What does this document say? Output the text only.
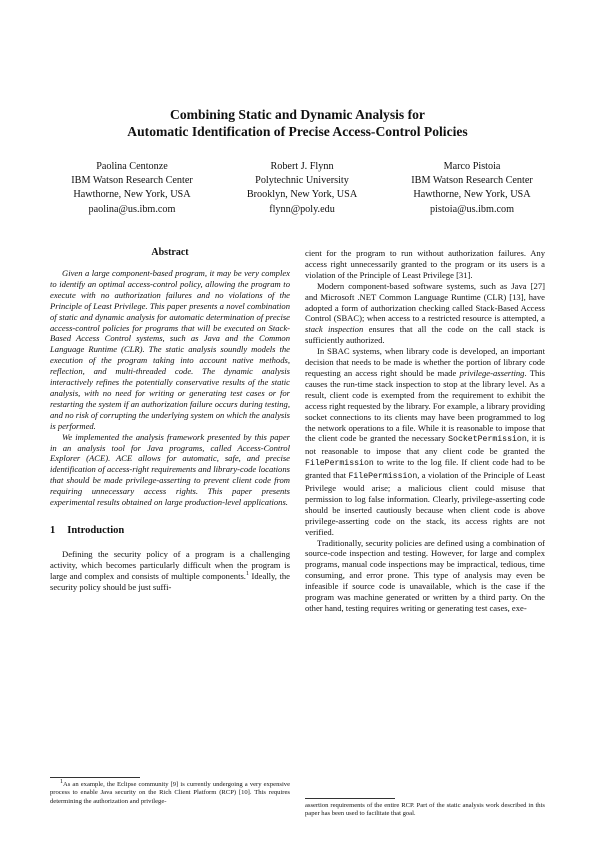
Combining Static and Dynamic Analysis for
Automatic Identification of Precise Access-Control Policies
Paolina Centonze
IBM Watson Research Center
Hawthorne, New York, USA
paolina@us.ibm.com
Robert J. Flynn
Polytechnic University
Brooklyn, New York, USA
flynn@poly.edu
Marco Pistoia
IBM Watson Research Center
Hawthorne, New York, USA
pistoia@us.ibm.com
Abstract

Given a large component-based program, it may be very complex to identify an optimal access-control policy, allowing the program to execute with no authorization failures and no violations of the Principle of Least Privilege. This paper presents a novel combination of static and dynamic analysis for automatic determination of precise access-control policies for programs that will be executed on Stack-Based Access Control systems, such as Java and the Common Language Runtime (CLR). The static analysis soundly models the execution of the program taking into account native methods, reflection, and multi-threaded code. The dynamic analysis interactively refines the potentially conservative results of the static analysis, with no need for writing or generating test cases or for restarting the system if an authorization failure occurs during testing, and no risk of corrupting the underlying system on which the analysis is performed.

We implemented the analysis framework presented by this paper in an analysis tool for Java programs, called Access-Control Explorer (ACE). ACE allows for automatic, safe, and precise identification of access-right requirements and library-code locations that should be made privilege-asserting to prevent client code from requiring unnecessary access rights. This paper presents experimental results obtained on large production-level applications.

1 Introduction

Defining the security policy of a program is a challenging activity, which becomes particularly difficult when the program is large and complex and consists of multiple components.$^1$ Ideally, the security policy should be just suffi-

$^1$As an example, the Eclipse community [9] is currently undergoing a very expensive process to enable Java security on the Rich Client Platform (RCP) [10]. This requires determining the authorization and privilege-

cient for the program to run without authorization failures. Any access right unnecessarily granted to the program or its users is a violation of the Principle of Least Privilege [31].

Modern component-based software systems, such as Java [27] and Microsoft .NET Common Language Runtime (CLR) [13], have adopted a form of authorization checking called Stack-Based Access Control (SBAC); when access to a restricted resource is attempted, a stack inspection ensures that all the code on the call stack is sufficiently authorized.

In SBAC systems, when library code is developed, an important decision that needs to be made is whether the portion of library code requesting an access right should be made privilege-asserting. This causes the run-time stack inspection to stop at the library level. As a result, client code is exempted from the requirement to exhibit the access right requested by the library. For example, a library providing socket connections to its clients may have been programmed to log the network operations to a file. While it is reasonable to impose that the client code be granted the necessary SocketPermission, it is not reasonable to impose that any client code be granted the FilePermission to write to the log file. If client code had to be granted that FilePermission, a violation of the Principle of Least Privilege would arise; a malicious client could misuse that permission to log false information. Clearly, privilege-asserting code should be inserted cautiously because when client code is above privilege-asserting code on the stack, its access rights are not verified.

Traditionally, security policies are defined using a combination of source-code inspection and testing. However, for large and complex programs, manual code inspections may be impractical, tedious, time consuming, and error prone. This type of analysis may even be infeasible if source code is unavailable, which is the case if the program was machine generated or written by a third party. On the other hand, testing requires writing or generating test cases, exe-

assertion requirements of the entire RCP. Part of the static analysis work described in this paper has been used to facilitate that goal.
